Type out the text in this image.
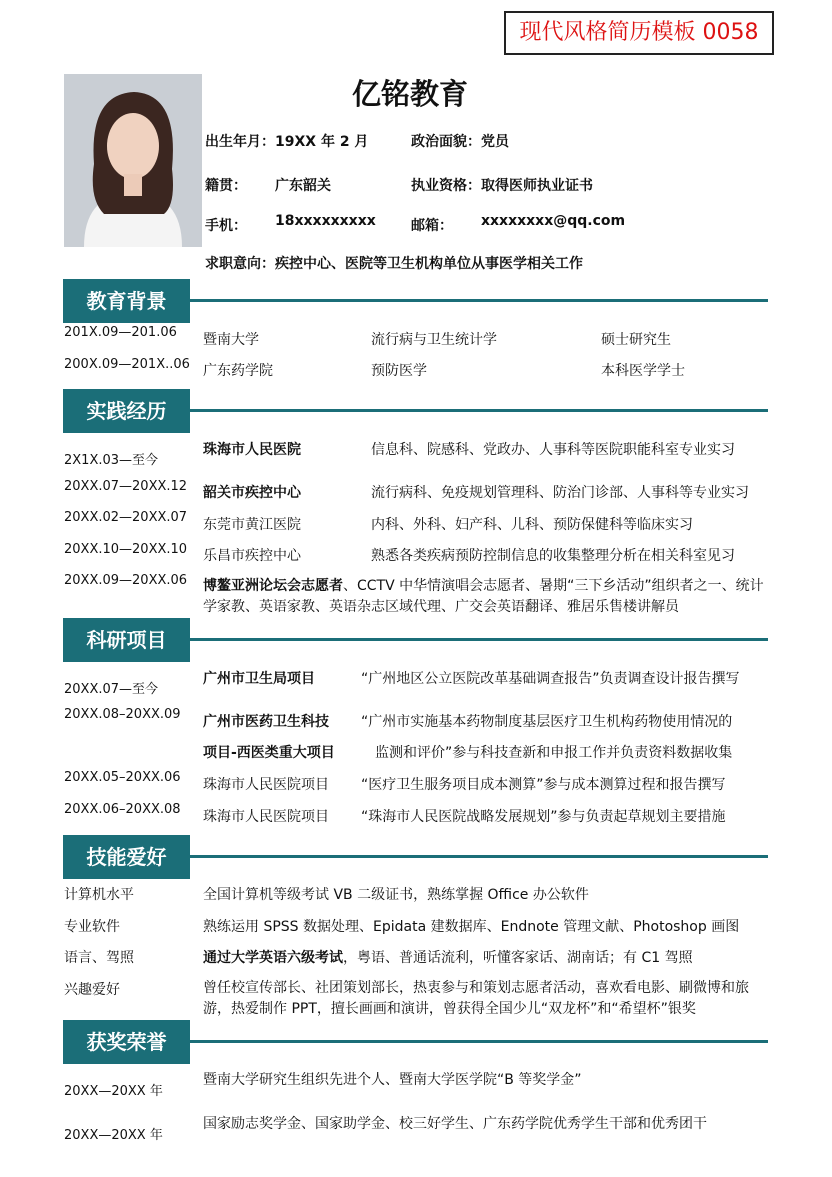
现代风格简历模板 0058
亿铭教育
出生年月： 19XX 年 2 月	政治面貌： 党员
籍贯： 广东韶关	执业资格： 取得医师执业证书
手机： 18xxxxxxxxx	邮箱： xxxxxxxx@qq.com
求职意向： 疾控中心、医院等卫生机构单位从事医学相关工作
教育背景
201X.09—201.06 暨南大学	流行病与卫生统计学	硕士研究生
200X.09—201X..06 广东药学院	预防医学	本科医学学士
实践经历
2X1X.03—至今
珠海市人民医院	信息科、院感科、党政办、人事科等医院职能科室专业实习
20XX.07—20XX.12 韶关市疾控中心	流行病科、免疫规划管理科、防治门诊部、人事科等专业实习
20XX.02—20XX.07 东莞市黄江医院	内科、外科、妇产科、儿科、预防保健科等临床实习
20XX.10—20XX.10 乐昌市疾控中心	熟悉各类疾病预防控制信息的收集整理分析在相关科室见习
20XX.09—20XX.06 博鳌亚洲论坛会志愿者、CCTV 中华情演唱会志愿者、暑期“三下乡活动”组织者之一、统计学家教、英语家教、英语杂志区域代理、广交会英语翻译、雅居乐售楼讲解员
科研项目
20XX.07—至今
广州市卫生局项目	“广州地区公立医院改革基础调查报告”负责调查设计报告撰写
20XX.08–20XX.09 广州市医药卫生科技 “广州市实施基本药物制度基层医疗卫生机构药物使用情况的
项目-西医类重大项目	监测和评价”参与科技查新和申报工作并负责资料数据收集
20XX.05–20XX.06 珠海市人民医院项目 “医疗卫生服务项目成本测算”参与成本测算过程和报告撰写
20XX.06–20XX.08 珠海市人民医院项目 “珠海市人民医院战略发展规划”参与负责起草规划主要措施
技能爱好
计算机水平	全国计算机等级考试 VB 二级证书，熟练掌握 Office 办公软件
专业软件	熟练运用 SPSS 数据处理、Epidata 建数据库、Endnote 管理文献、Photoshop 画图
语言、驾照	通过大学英语六级考试，粤语、普通话流利，听懂客家话、湖南话；有 C1 驾照
兴趣爱好	曾任校宣传部长、社团策划部长，热衷参与和策划志愿者活动，喜欢看电影、刷微博和旅游，热爱制作 PPT，擅长画画和演讲，曾获得全国少儿“双龙杯”和“希望杯”银奖
获奖荣誉
20XX—20XX 年
暨南大学研究生组织先进个人、暨南大学医学院“B 等奖学金”
20XX—20XX 年
国家励志奖学金、国家助学金、校三好学生、广东药学院优秀学生干部和优秀团干
